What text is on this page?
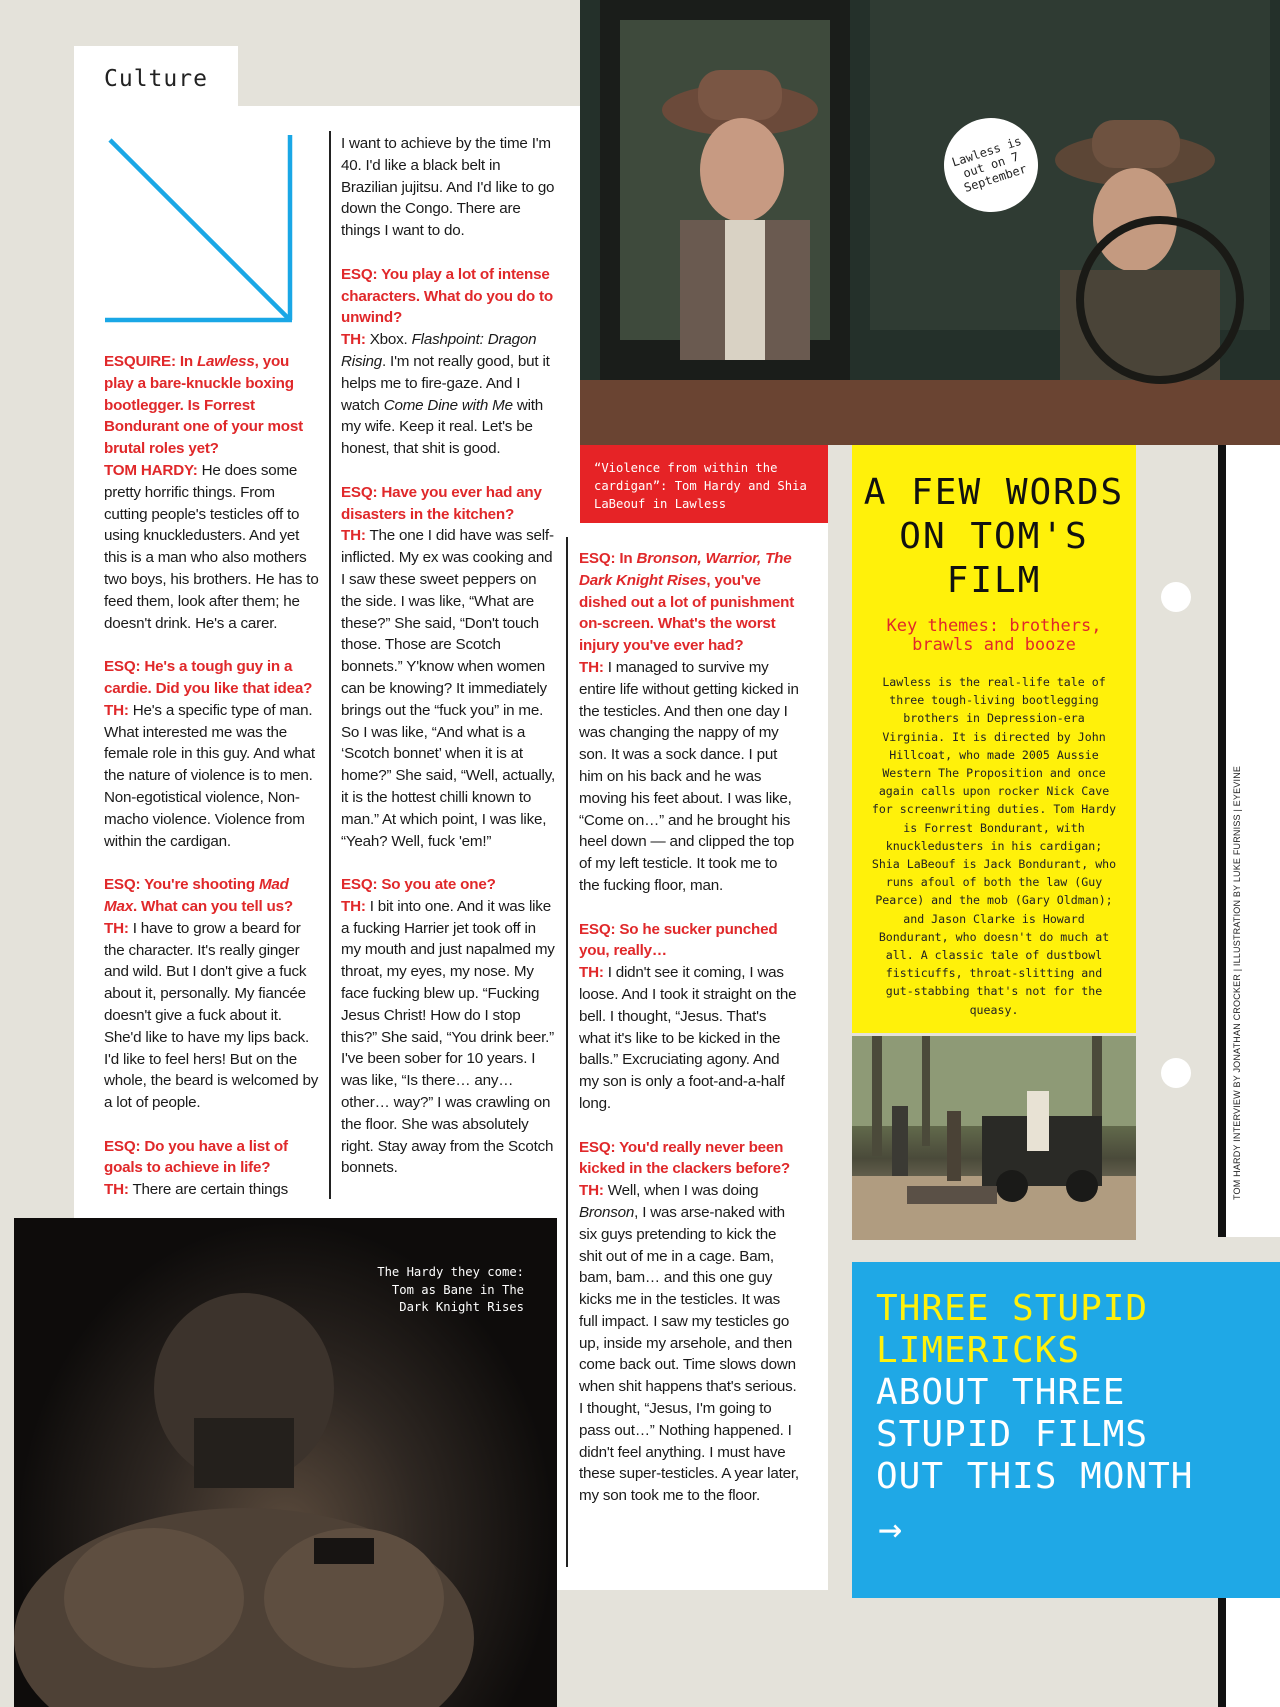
Culture

ESQUIRE: In Lawless, you play a bare-knuckle boxing bootlegger. Is Forrest Bondurant one of your most brutal roles yet?
TOM HARDY: He does some pretty horrific things. From cutting people's testicles off to using knuckledusters. And yet this is a man who also mothers two boys, his brothers. He has to feed them, look after them; he doesn't drink. He's a carer.

ESQ: He's a tough guy in a cardie. Did you like that idea?
TH: He's a specific type of man. What interested me was the female role in this guy. And what the nature of violence is to men. Non-egotistical violence, Non-macho violence. Violence from within the cardigan.

ESQ: You're shooting Mad Max. What can you tell us?
TH: I have to grow a beard for the character. It's really ginger and wild. But I don't give a fuck about it, personally. My fiancée doesn't give a fuck about it. She'd like to have my lips back. I'd like to feel hers! But on the whole, the beard is welcomed by a lot of people.

ESQ: Do you have a list of goals to achieve in life?
TH: There are certain things

I want to achieve by the time I'm 40. I'd like a black belt in Brazilian jujitsu. And I'd like to go down the Congo. There are things I want to do.

ESQ: You play a lot of intense characters. What do you do to unwind?
TH: Xbox. Flashpoint: Dragon Rising. I'm not really good, but it helps me to fire-gaze. And I watch Come Dine with Me with my wife. Keep it real. Let's be honest, that shit is good.

ESQ: Have you ever had any disasters in the kitchen?
TH: The one I did have was self-inflicted. My ex was cooking and I saw these sweet peppers on the side. I was like, “What are these?” She said, “Don't touch those. Those are Scotch bonnets.” Y'know when women can be knowing? It immediately brings out the “fuck you” in me. So I was like, “And what is a ‘Scotch bonnet’ when it is at home?” She said, “Well, actually, it is the hottest chilli known to man.” At which point, I was like, “Yeah? Well, fuck 'em!”

ESQ: So you ate one?
TH: I bit into one. And it was like a fucking Harrier jet took off in my mouth and just napalmed my throat, my eyes, my nose. My face fucking blew up. “Fucking Jesus Christ! How do I stop this?” She said, “You drink beer.” I've been sober for 10 years. I was like, “Is there… any… other… way?” I was crawling on the floor. She was absolutely right. Stay away from the Scotch bonnets.

ESQ: In Bronson, Warrior, The Dark Knight Rises, you've dished out a lot of punishment on-screen. What's the worst injury you've ever had?
TH: I managed to survive my entire life without getting kicked in the testicles. And then one day I was changing the nappy of my son. It was a sock dance. I put him on his back and he was moving his feet about. I was like, “Come on…” and he brought his heel down — and clipped the top of my left testicle. It took me to the fucking floor, man.

ESQ: So he sucker punched you, really…
TH: I didn't see it coming, I was loose. And I took it straight on the bell. I thought, “Jesus. That's what it's like to be kicked in the balls.” Excruciating agony. And my son is only a foot-and-a-half long.

ESQ: You'd really never been kicked in the clackers before?
TH: Well, when I was doing Bronson, I was arse-naked with six guys pretending to kick the shit out of me in a cage. Bam, bam, bam… and this one guy kicks me in the testicles. It was full impact. I saw my testicles go up, inside my arsehole, and then come back out. Time slows down when shit happens that's serious. I thought, “Jesus, I'm going to pass out…” Nothing happened. I didn't feel anything. I must have these super-testicles. A year later, my son took me to the floor.

“Violence from within the cardigan”: Tom Hardy and Shia LaBeouf in Lawless
Lawless is out on 7 September
A FEW WORDS ON TOM'S FILM
Key themes: brothers, brawls and booze
Lawless is the real-life tale of three tough-living bootlegging brothers in Depression-era Virginia. It is directed by John Hillcoat, who made 2005 Aussie Western The Proposition and once again calls upon rocker Nick Cave for screenwriting duties. Tom Hardy is Forrest Bondurant, with knuckledusters in his cardigan; Shia LaBeouf is Jack Bondurant, who runs afoul of both the law (Guy Pearce) and the mob (Gary Oldman); and Jason Clarke is Howard Bondurant, who doesn't do much at all. A classic tale of dustbowl fisticuffs, throat-slitting and gut-stabbing that's not for the queasy.
THREE STUPID LIMERICKS
ABOUT THREE STUPID FILMS OUT THIS MONTH
→
The Hardy they come: Tom as Bane in The Dark Knight Rises
TOM HARDY INTERVIEW BY JONATHAN CROCKER | ILLUSTRATION BY LUKE FURNISS | EYEVINE
